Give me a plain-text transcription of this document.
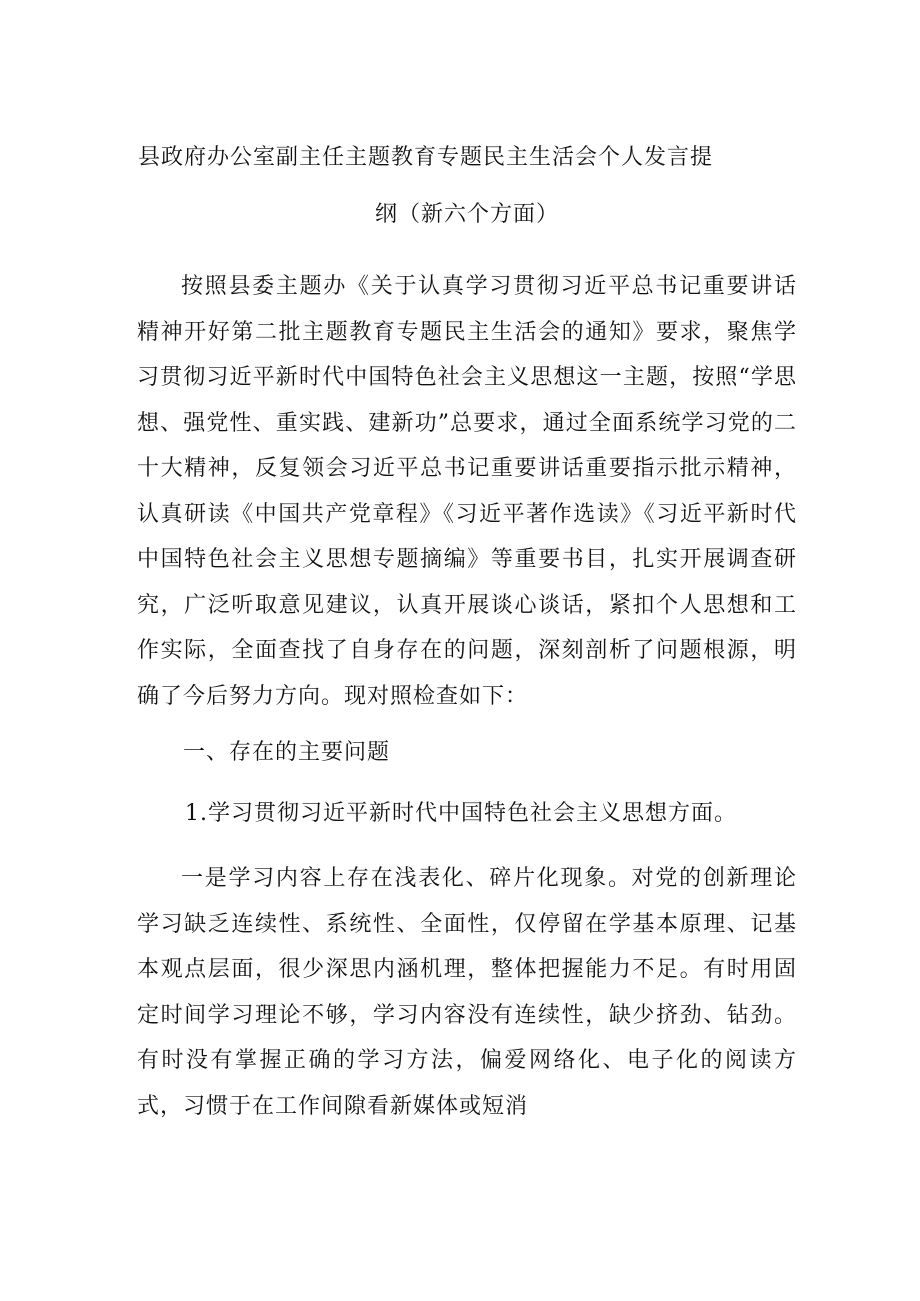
县政府办公室副主任主题教育专题民主生活会个人发言提
纲（新六个方面）

按照县委主题办《关于认真学习贯彻习近平总书记重要讲话精神开好第二批主题教育专题民主生活会的通知》要求，聚焦学习贯彻习近平新时代中国特色社会主义思想这一主题，按照“学思想、强党性、重实践、建新功”总要求，通过全面系统学习党的二十大精神，反复领会习近平总书记重要讲话重要指示批示精神，认真研读《中国共产党章程》《习近平著作选读》《习近平新时代中国特色社会主义思想专题摘编》等重要书目，扎实开展调查研究，广泛听取意见建议，认真开展谈心谈话，紧扣个人思想和工作实际，全面查找了自身存在的问题，深刻剖析了问题根源，明确了今后努力方向。现对照检查如下：

一、存在的主要问题
1.学习贯彻习近平新时代中国特色社会主义思想方面。

一是学习内容上存在浅表化、碎片化现象。对党的创新理论学习缺乏连续性、系统性、全面性，仅停留在学基本原理、记基本观点层面，很少深思内涵机理，整体把握能力不足。有时用固定时间学习理论不够，学习内容没有连续性，缺少挤劲、钻劲。有时没有掌握正确的学习方法，偏爱网络化、电子化的阅读方式，习惯于在工作间隙看新媒体或短消
